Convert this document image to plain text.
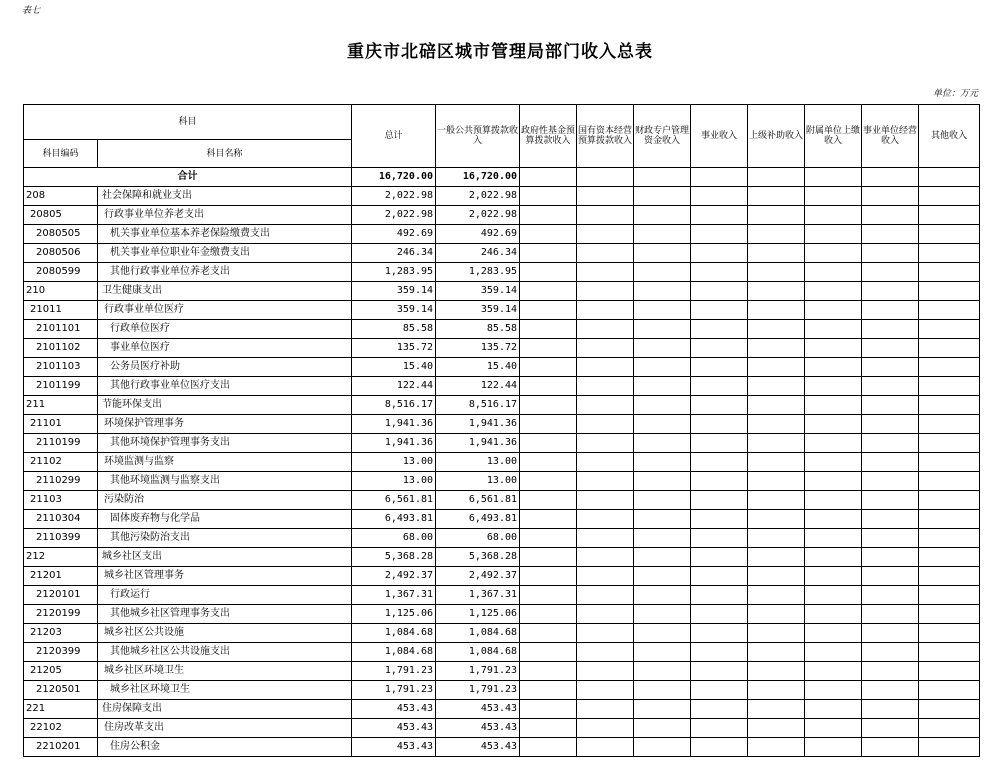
表七
重庆市北碚区城市管理局部门收入总表
单位：万元
科目		总计	一般公共预算拨款收入	政府性基金预算拨款收入	国有资本经营预算拨款收入	财政专户管理资金收入	事业收入	上级补助收入	附属单位上缴收入	事业单位经营收入	其他收入
科目编码	科目名称										
合计		16,720.00	16,720.00								
208	社会保障和就业支出	2,022.98	2,022.98								
20805	行政事业单位养老支出	2,022.98	2,022.98								
2080505	机关事业单位基本养老保险缴费支出	492.69	492.69								
2080506	机关事业单位职业年金缴费支出	246.34	246.34								
2080599	其他行政事业单位养老支出	1,283.95	1,283.95								
210	卫生健康支出	359.14	359.14								
21011	行政事业单位医疗	359.14	359.14								
2101101	行政单位医疗	85.58	85.58								
2101102	事业单位医疗	135.72	135.72								
2101103	公务员医疗补助	15.40	15.40								
2101199	其他行政事业单位医疗支出	122.44	122.44								
211	节能环保支出	8,516.17	8,516.17								
21101	环境保护管理事务	1,941.36	1,941.36								
2110199	其他环境保护管理事务支出	1,941.36	1,941.36								
21102	环境监测与监察	13.00	13.00								
2110299	其他环境监测与监察支出	13.00	13.00								
21103	污染防治	6,561.81	6,561.81								
2110304	固体废弃物与化学品	6,493.81	6,493.81								
2110399	其他污染防治支出	68.00	68.00								
212	城乡社区支出	5,368.28	5,368.28								
21201	城乡社区管理事务	2,492.37	2,492.37								
2120101	行政运行	1,367.31	1,367.31								
2120199	其他城乡社区管理事务支出	1,125.06	1,125.06								
21203	城乡社区公共设施	1,084.68	1,084.68								
2120399	其他城乡社区公共设施支出	1,084.68	1,084.68								
21205	城乡社区环境卫生	1,791.23	1,791.23								
2120501	城乡社区环境卫生	1,791.23	1,791.23								
221	住房保障支出	453.43	453.43								
22102	住房改革支出	453.43	453.43								
2210201	住房公积金	453.43	453.43								
